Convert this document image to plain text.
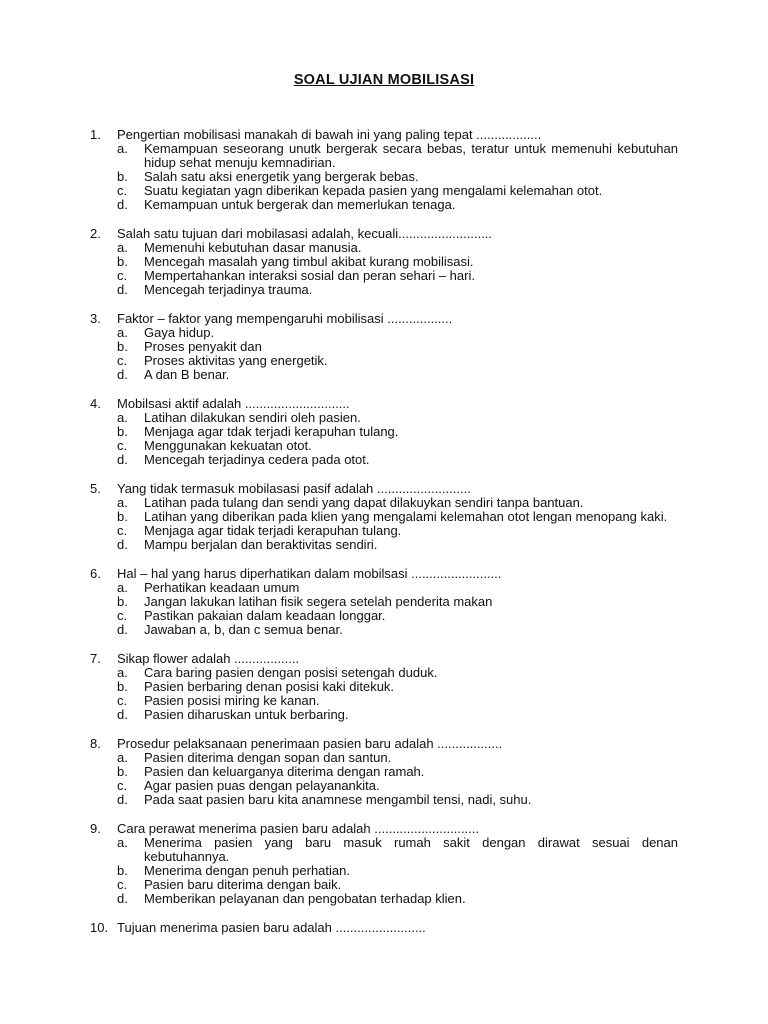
SOAL UJIAN MOBILISASI
1.	Pengertian mobilisasi manakah di bawah ini yang paling tepat ..................
a.	Kemampuan seseorang unutk bergerak secara bebas, teratur untuk memenuhi kebutuhan hidup sehat menuju kemnadirian.
b.	Salah satu aksi energetik yang bergerak bebas.
c.	Suatu kegiatan yagn diberikan kepada pasien yang mengalami kelemahan otot.
d.	Kemampuan untuk bergerak dan memerlukan tenaga.
2.	Salah satu tujuan dari mobilasasi adalah, kecuali..........................
a.	Memenuhi kebutuhan dasar manusia.
b.	Mencegah masalah yang timbul akibat kurang mobilisasi.
c.	Mempertahankan interaksi sosial dan peran sehari – hari.
d.	Mencegah terjadinya trauma.
3.	Faktor – faktor yang mempengaruhi mobilisasi ..................
a.	Gaya hidup.
b.	Proses penyakit dan
c.	Proses aktivitas yang energetik.
d.	A dan B benar.
4.	Mobilsasi aktif adalah .............................
a.	Latihan dilakukan sendiri oleh pasien.
b.	Menjaga agar tdak terjadi kerapuhan tulang.
c.	Menggunakan kekuatan otot.
d.	Mencegah terjadinya cedera pada otot.
5.	Yang tidak termasuk mobilasasi pasif adalah ..........................
a.	Latihan pada tulang dan sendi yang dapat dilakuykan sendiri tanpa bantuan.
b.	Latihan yang diberikan pada klien yang mengalami kelemahan otot lengan menopang kaki.
c.	Menjaga agar tidak terjadi kerapuhan tulang.
d.	Mampu berjalan dan beraktivitas sendiri.
6.	Hal – hal yang harus diperhatikan dalam mobilsasi .........................
a.	Perhatikan keadaan umum
b.	Jangan lakukan latihan fisik segera setelah penderita makan
c.	Pastikan pakaian dalam keadaan longgar.
d.	Jawaban a, b, dan c semua benar.
7.	Sikap flower adalah ..................
a.	Cara baring pasien dengan posisi setengah duduk.
b.	Pasien berbaring denan posisi kaki ditekuk.
c.	Pasien posisi miring ke kanan.
d.	Pasien diharuskan untuk berbaring.
8.	Prosedur pelaksanaan penerimaan pasien baru adalah ..................
a.	Pasien diterima dengan sopan dan santun.
b.	Pasien dan keluarganya diterima dengan ramah.
c.	Agar pasien puas dengan pelayanankita.
d.	Pada saat pasien baru kita anamnese mengambil tensi, nadi, suhu.
9.	Cara perawat menerima pasien baru adalah .............................
a.	Menerima pasien yang baru masuk rumah sakit dengan dirawat sesuai denan kebutuhannya.
b.	Menerima dengan penuh perhatian.
c.	Pasien baru diterima dengan baik.
d.	Memberikan pelayanan dan pengobatan terhadap klien.
10. Tujuan menerima pasien baru adalah .........................
